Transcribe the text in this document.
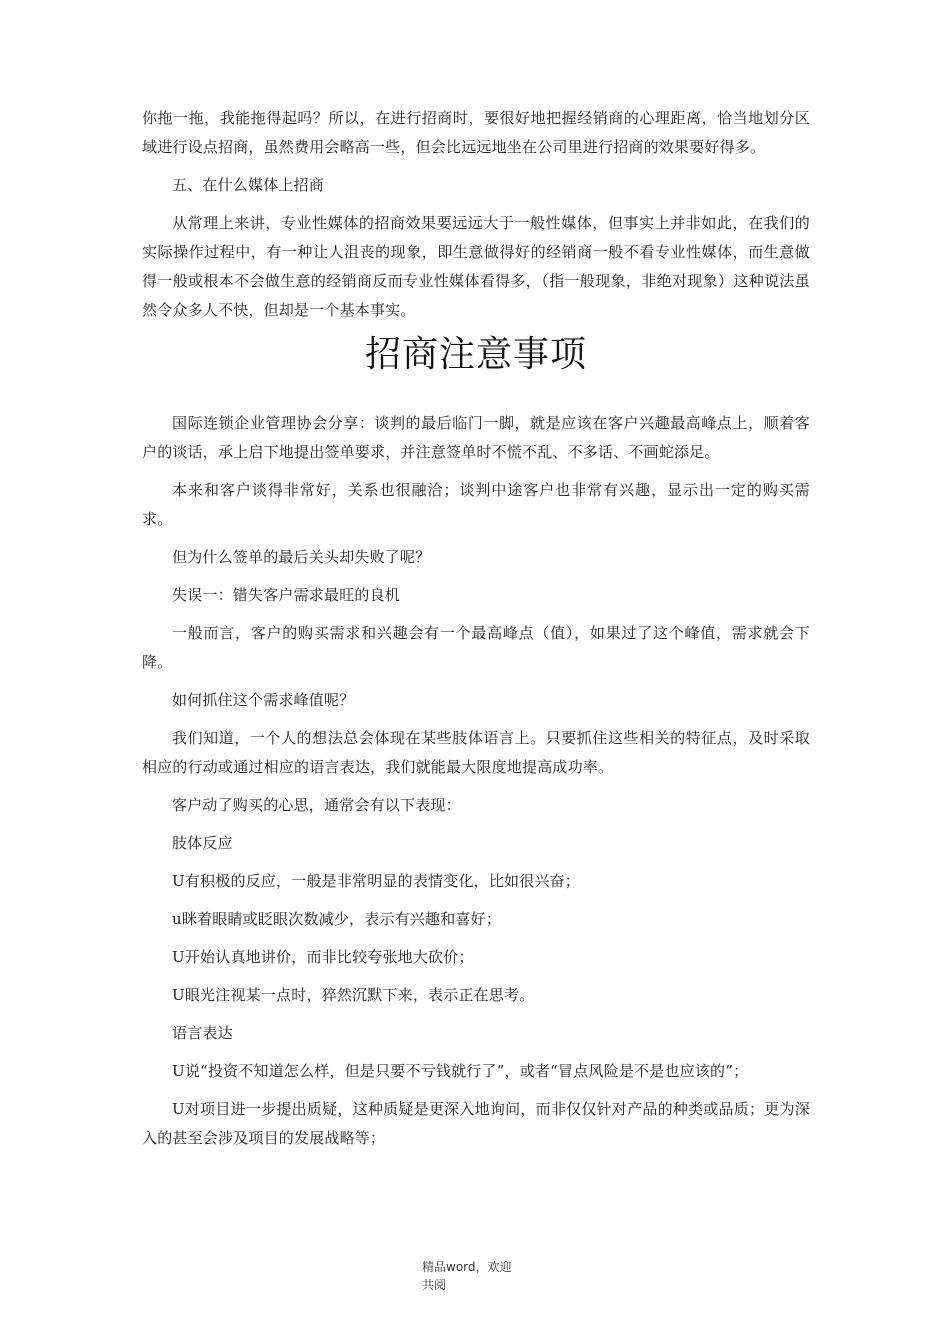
你拖一拖，我能拖得起吗？所以，在进行招商时，要很好地把握经销商的心理距离，恰当地划分区域进行设点招商，虽然费用会略高一些，但会比远远地坐在公司里进行招商的效果要好得多。

五、在什么媒体上招商

从常理上来讲，专业性媒体的招商效果要远远大于一般性媒体，但事实上并非如此，在我们的实际操作过程中，有一种让人沮丧的现象，即生意做得好的经销商一般不看专业性媒体，而生意做得一般或根本不会做生意的经销商反而专业性媒体看得多，（指一般现象，非绝对现象）这种说法虽然令众多人不快，但却是一个基本事实。

招商注意事项

国际连锁企业管理协会分享：谈判的最后临门一脚，就是应该在客户兴趣最高峰点上，顺着客户的谈话，承上启下地提出签单要求，并注意签单时不慌不乱、不多话、不画蛇添足。

本来和客户谈得非常好，关系也很融洽；谈判中途客户也非常有兴趣，显示出一定的购买需求。

但为什么签单的最后关头却失败了呢？

失误一：错失客户需求最旺的良机

一般而言，客户的购买需求和兴趣会有一个最高峰点（值），如果过了这个峰值，需求就会下降。

如何抓住这个需求峰值呢？

我们知道，一个人的想法总会体现在某些肢体语言上。只要抓住这些相关的特征点，及时采取相应的行动或通过相应的语言表达，我们就能最大限度地提高成功率。

客户动了购买的心思，通常会有以下表现：

肢体反应

U有积极的反应，一般是非常明显的表情变化，比如很兴奋；

u眯着眼睛或眨眼次数减少，表示有兴趣和喜好；

U开始认真地讲价，而非比较夸张地大砍价；

U眼光注视某一点时，猝然沉默下来，表示正在思考。

语言表达

U说“投资不知道怎么样，但是只要不亏钱就行了”，或者“冒点风险是不是也应该的”；

U对项目进一步提出质疑，这种质疑是更深入地询问，而非仅仅针对产品的种类或品质；更为深入的甚至会涉及项目的发展战略等；

精品word，欢迎
共阅
